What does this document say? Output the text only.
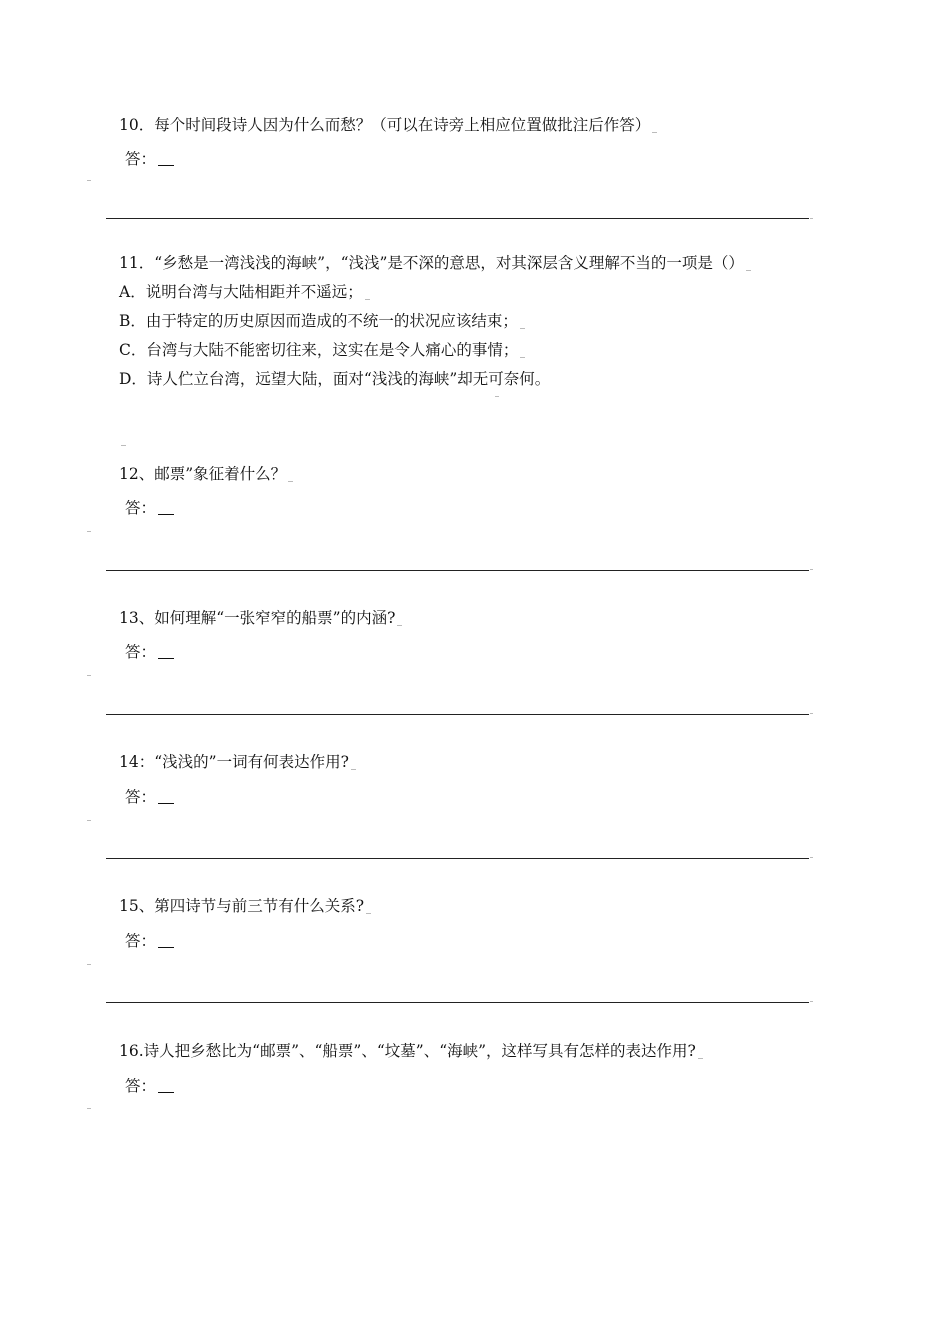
10．每个时间段诗人因为什么而愁？（可以在诗旁上相应位置做批注后作答）
答：
11．“乡愁是一湾浅浅的海峡”，“浅浅”是不深的意思，对其深层含义理解不当的一项是（）
A．说明台湾与大陆相距并不遥远；
B．由于特定的历史原因而造成的不统一的状况应该结束；
C．台湾与大陆不能密切往来，这实在是令人痛心的事情；
D．诗人伫立台湾，远望大陆，面对“浅浅的海峡”却无可奈何。
12、邮票”象征着什么？
答：
13、如何理解“一张窄窄的船票”的内涵?
答：
14：“浅浅的”一词有何表达作用?
答：
15、第四诗节与前三节有什么关系?
答：
16.诗人把乡愁比为“邮票”、“船票”、“坟墓”、“海峡”，这样写具有怎样的表达作用?
答：
